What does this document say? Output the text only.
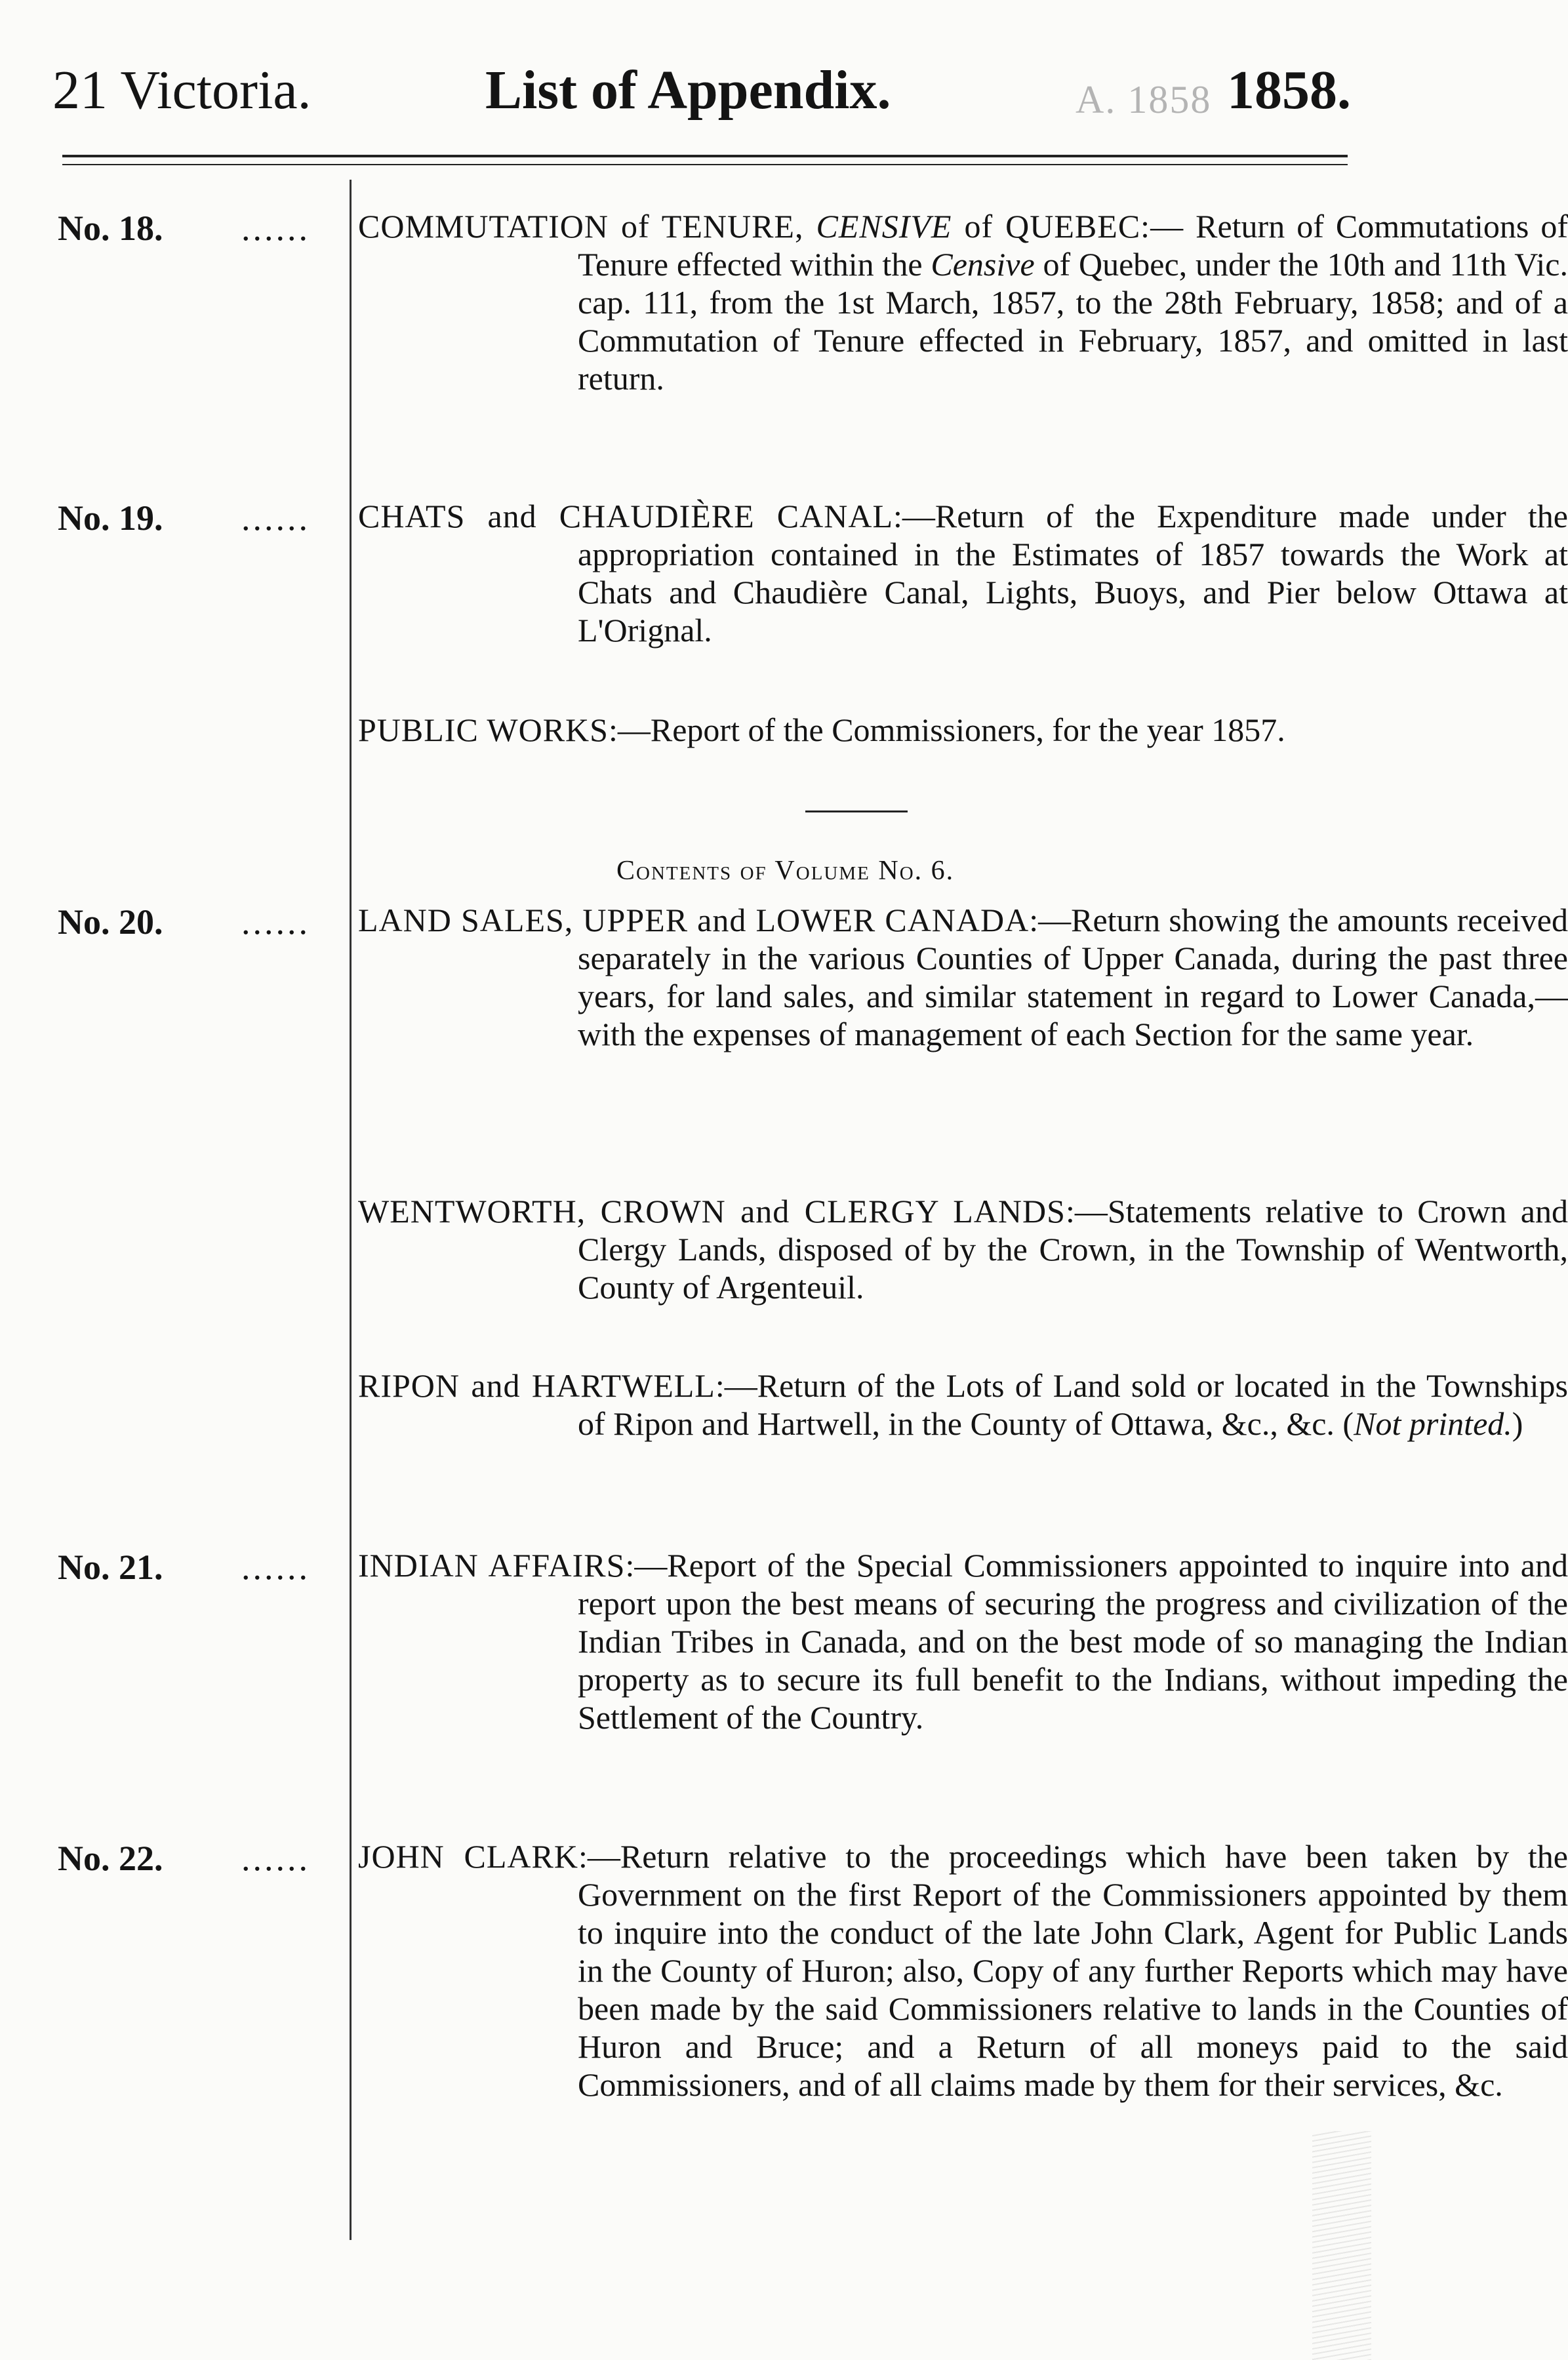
21 Victoria.	List of Appendix.	A. 1858 1858.
No. 18. ...... COMMUTATION of TENURE, CENSIVE of QUEBEC:— Return of Commutations of Tenure effected within the Censive of Quebec, under the 10th and 11th Vic. cap. 111, from the 1st March, 1857, to the 28th February, 1858; and of a Commutation of Tenure effected in February, 1857, and omitted in last return.
No. 19. ...... CHATS and CHAUDIÈRE CANAL:—Return of the Expenditure made under the appropriation contained in the Estimates of 1857 towards the Work at Chats and Chaudière Canal, Lights, Buoys, and Pier below Ottawa at L'Orignal.
PUBLIC WORKS:—Report of the Commissioners, for the year 1857.
Contents of Volume No. 6.
No. 20. ...... LAND SALES, UPPER and LOWER CANADA:—Return showing the amounts received separately in the various Counties of Upper Canada, during the past three years, for land sales, and similar statement in regard to Lower Canada,—with the expenses of management of each Section for the same year.
WENTWORTH, CROWN and CLERGY LANDS:—Statements relative to Crown and Clergy Lands, disposed of by the Crown, in the Township of Wentworth, County of Argenteuil.
RIPON and HARTWELL:—Return of the Lots of Land sold or located in the Townships of Ripon and Hartwell, in the County of Ottawa, &c., &c. (Not printed.)
No. 21. ...... INDIAN AFFAIRS:—Report of the Special Commissioners appointed to inquire into and report upon the best means of securing the progress and civilization of the Indian Tribes in Canada, and on the best mode of so managing the Indian property as to secure its full benefit to the Indians, without impeding the Settlement of the Country.
No. 22. ...... JOHN CLARK:—Return relative to the proceedings which have been taken by the Government on the first Report of the Commissioners appointed by them to inquire into the conduct of the late John Clark, Agent for Public Lands in the County of Huron; also, Copy of any further Reports which may have been made by the said Commissioners relative to lands in the Counties of Huron and Bruce; and a Return of all moneys paid to the said Commissioners, and of all claims made by them for their services, &c.
